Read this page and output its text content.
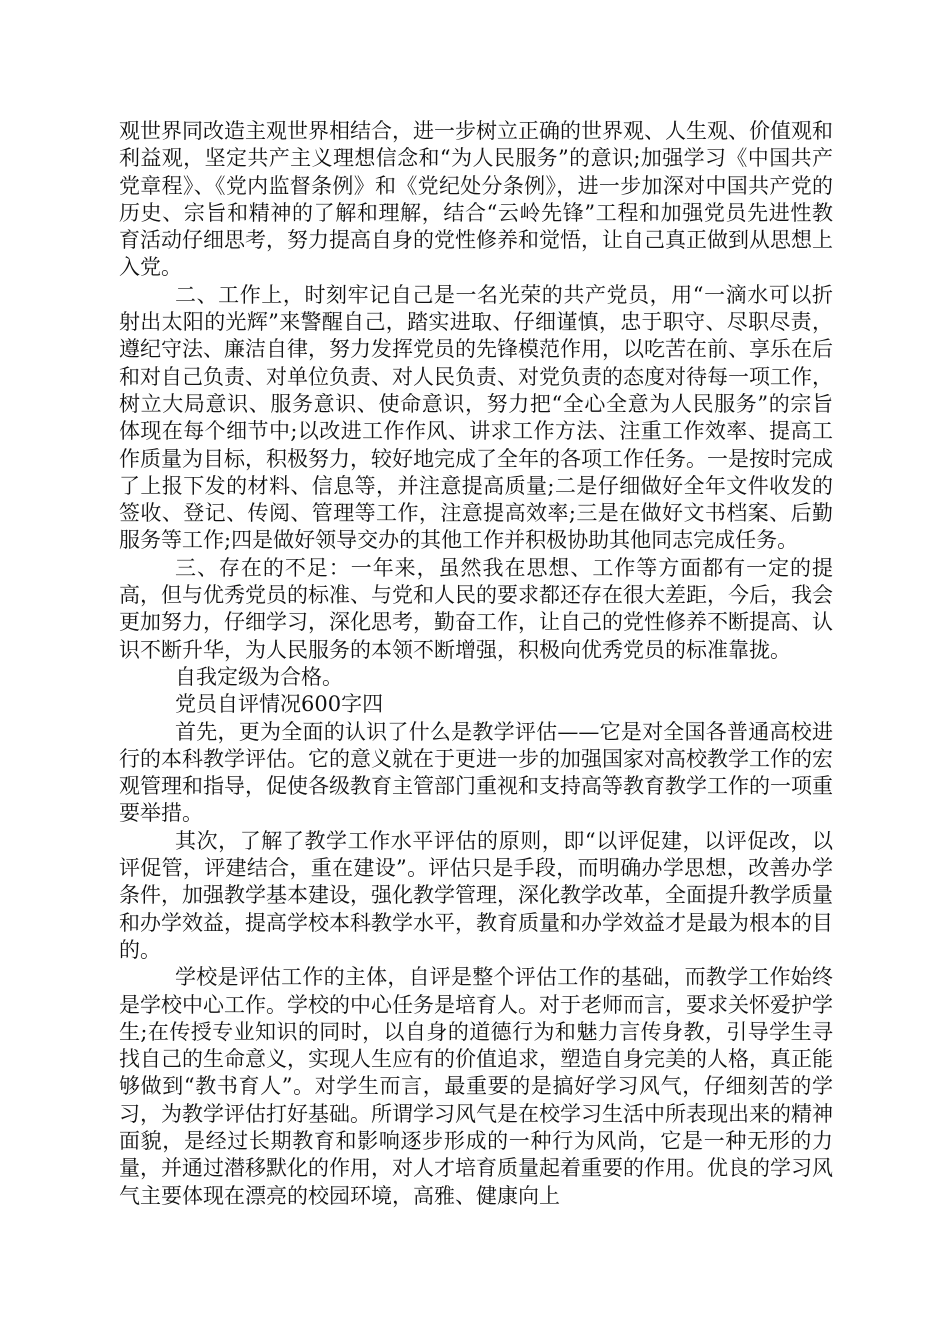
观世界同改造主观世界相结合，进一步树立正确的世界观、人生观、价值观和利益观，坚定共产主义理想信念和“为人民服务”的意识;加强学习《中国共产党章程》、《党内监督条例》和《党纪处分条例》，进一步加深对中国共产党的历史、宗旨和精神的了解和理解，结合“云岭先锋”工程和加强党员先进性教育活动仔细思考，努力提高自身的党性修养和觉悟，让自己真正做到从思想上入党。

二、工作上，时刻牢记自己是一名光荣的共产党员，用“一滴水可以折射出太阳的光辉”来警醒自己，踏实进取、仔细谨慎，忠于职守、尽职尽责，遵纪守法、廉洁自律，努力发挥党员的先锋模范作用，以吃苦在前、享乐在后和对自己负责、对单位负责、对人民负责、对党负责的态度对待每一项工作，树立大局意识、服务意识、使命意识，努力把“全心全意为人民服务”的宗旨体现在每个细节中;以改进工作作风、讲求工作方法、注重工作效率、提高工作质量为目标，积极努力，较好地完成了全年的各项工作任务。一是按时完成了上报下发的材料、信息等，并注意提高质量;二是仔细做好全年文件收发的签收、登记、传阅、管理等工作，注意提高效率;三是在做好文书档案、后勤服务等工作;四是做好领导交办的其他工作并积极协助其他同志完成任务。

三、存在的不足：一年来，虽然我在思想、工作等方面都有一定的提高，但与优秀党员的标准、与党和人民的要求都还存在很大差距，今后，我会更加努力，仔细学习，深化思考，勤奋工作，让自己的党性修养不断提高、认识不断升华，为人民服务的本领不断增强，积极向优秀党员的标准靠拢。

自我定级为合格。

党员自评情况600字四

首先，更为全面的认识了什么是教学评估——它是对全国各普通高校进行的本科教学评估。它的意义就在于更进一步的加强国家对高校教学工作的宏观管理和指导，促使各级教育主管部门重视和支持高等教育教学工作的一项重要举措。

其次，了解了教学工作水平评估的原则，即“以评促建，以评促改，以评促管，评建结合，重在建设”。评估只是手段，而明确办学思想，改善办学条件，加强教学基本建设，强化教学管理，深化教学改革，全面提升教学质量和办学效益，提高学校本科教学水平，教育质量和办学效益才是最为根本的目的。

学校是评估工作的主体，自评是整个评估工作的基础，而教学工作始终是学校中心工作。学校的中心任务是培育人。对于老师而言，要求关怀爱护学生;在传授专业知识的同时，以自身的道德行为和魅力言传身教，引导学生寻找自己的生命意义，实现人生应有的价值追求，塑造自身完美的人格，真正能够做到“教书育人”。对学生而言，最重要的是搞好学习风气，仔细刻苦的学习，为教学评估打好基础。所谓学习风气是在校学习生活中所表现出来的精神面貌，是经过长期教育和影响逐步形成的一种行为风尚，它是一种无形的力量，并通过潜移默化的作用，对人才培育质量起着重要的作用。优良的学习风气主要体现在漂亮的校园环境，高雅、健康向上
